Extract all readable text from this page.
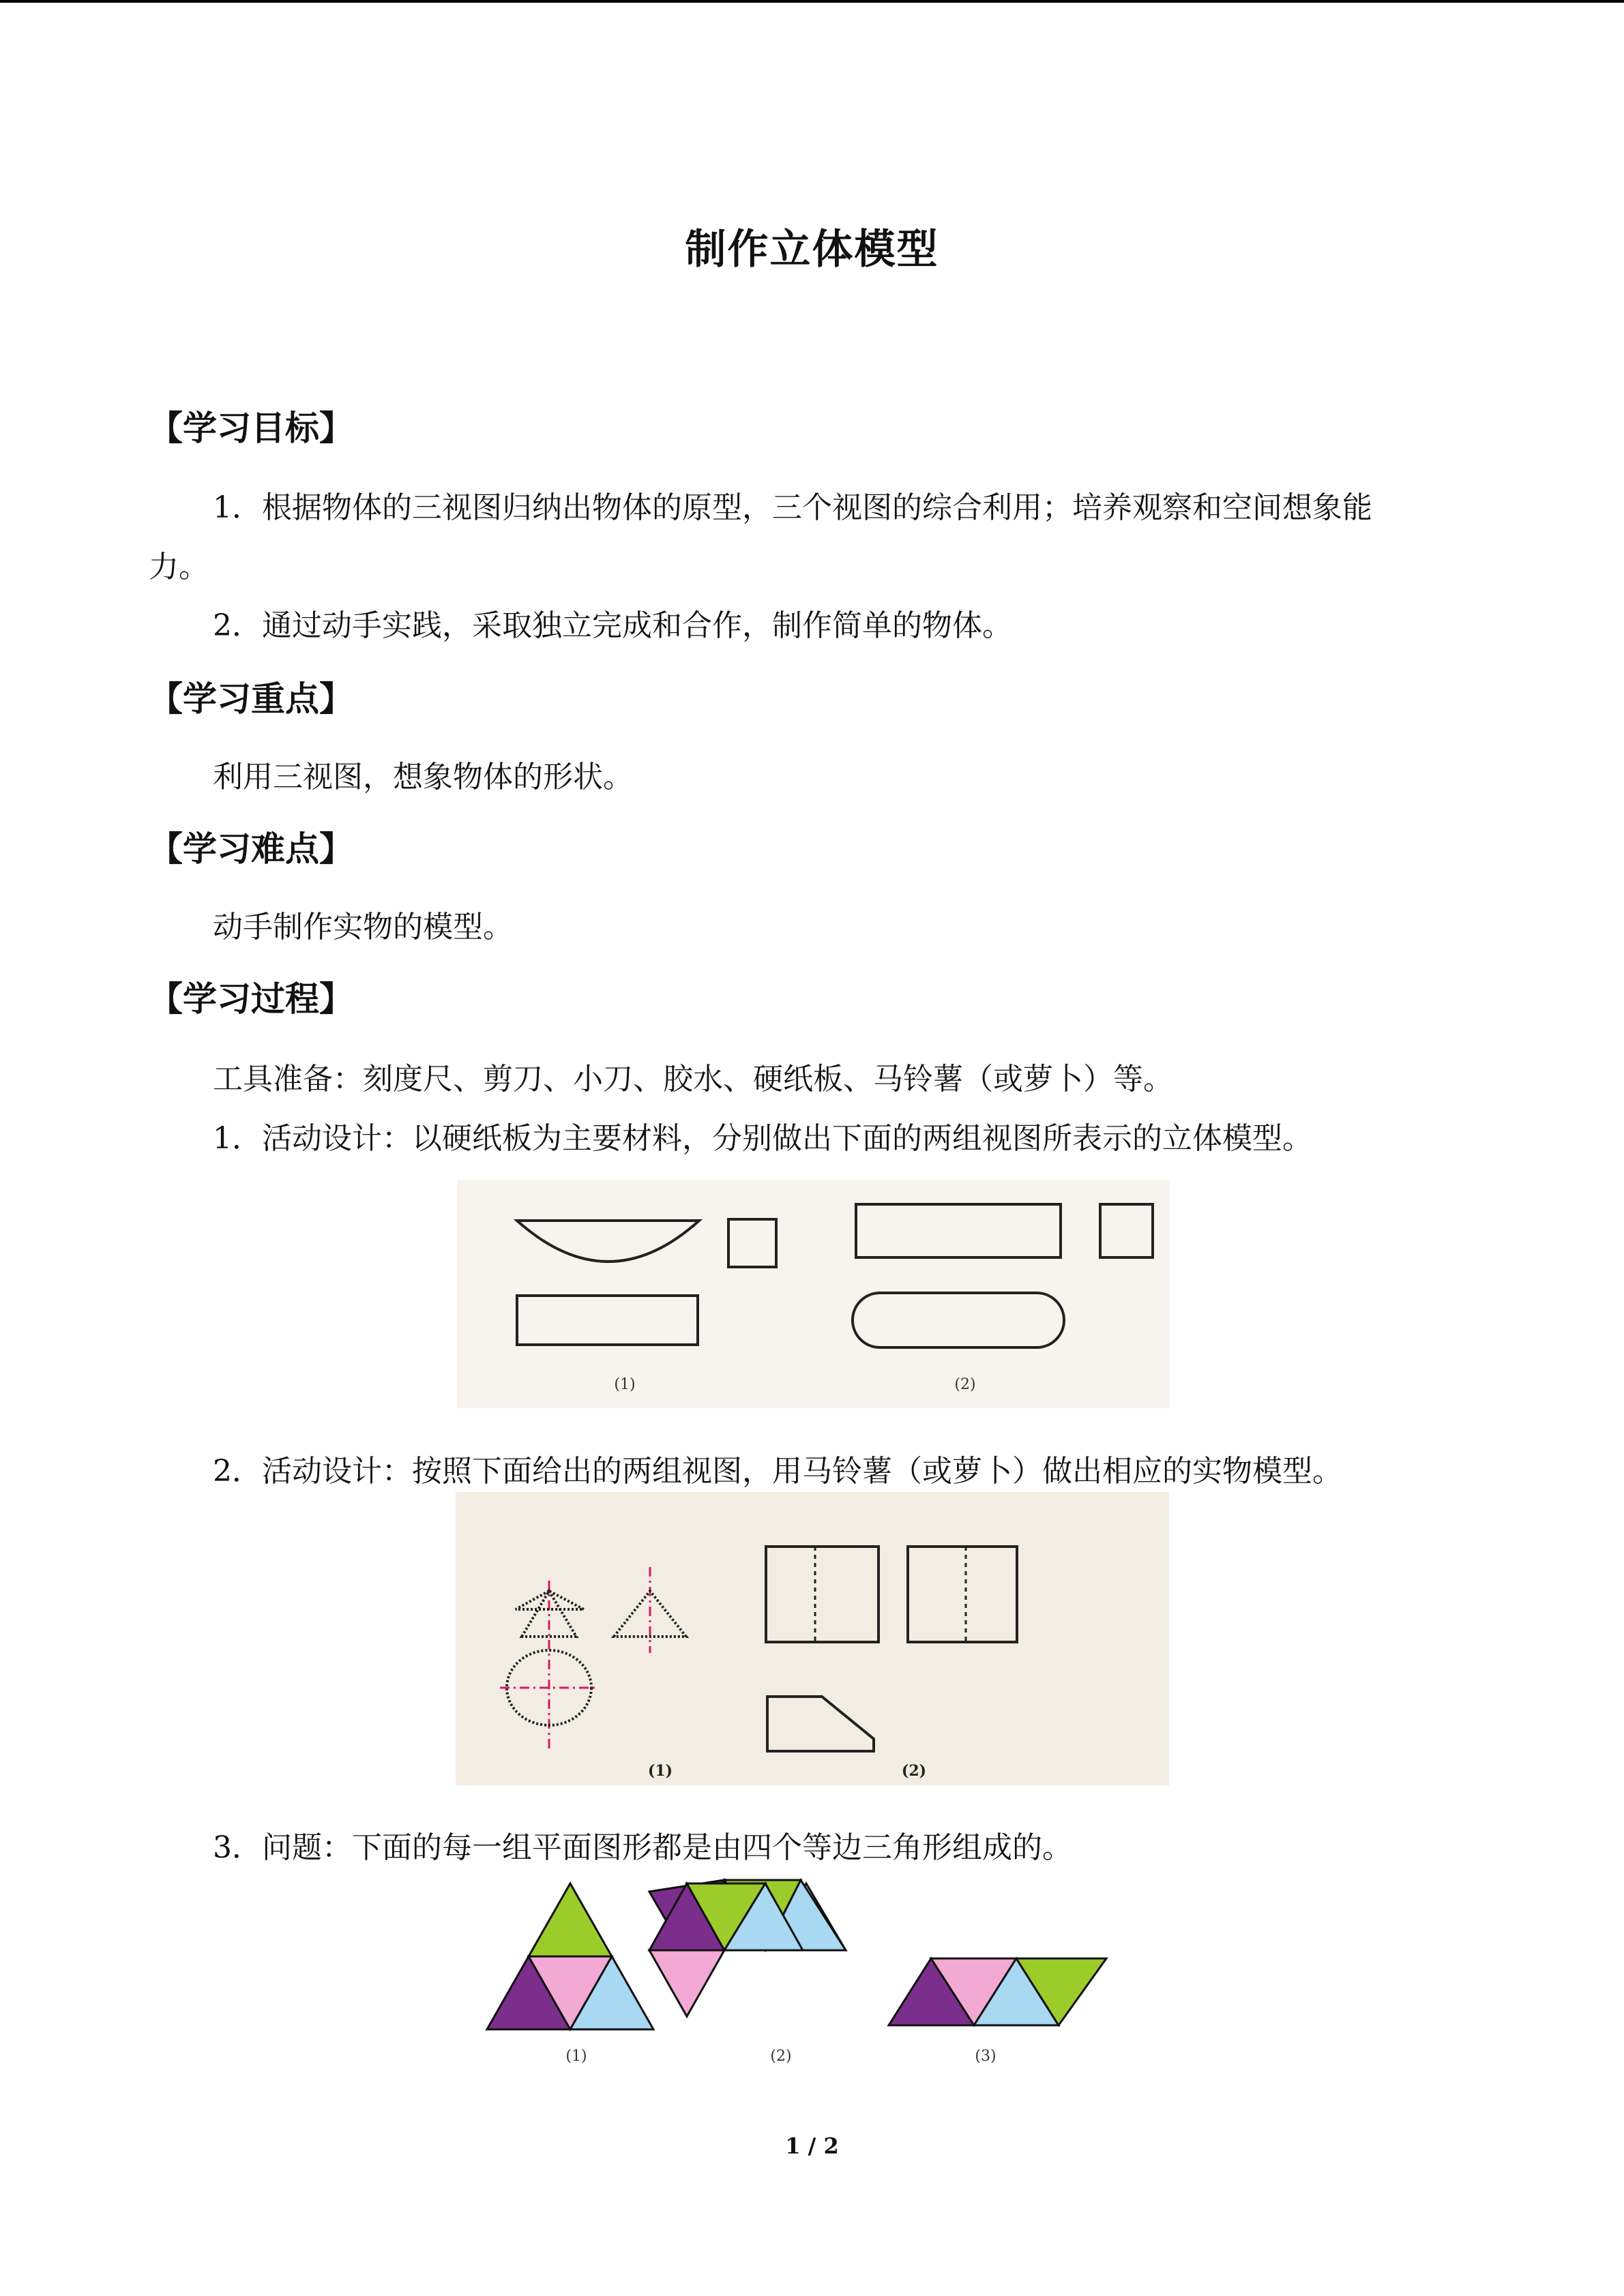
制作立体模型
【学习目标】
1．根据物体的三视图归纳出物体的原型，三个视图的综合利用；培养观察和空间想象能
力。
2．通过动手实践，采取独立完成和合作，制作简单的物体。
【学习重点】
利用三视图，想象物体的形状。
【学习难点】
动手制作实物的模型。
【学习过程】
工具准备：刻度尺、剪刀、小刀、胶水、硬纸板、马铃薯（或萝卜）等。
1．活动设计：以硬纸板为主要材料，分别做出下面的两组视图所表示的立体模型。
(1)	(2)
2．活动设计：按照下面给出的两组视图，用马铃薯（或萝卜）做出相应的实物模型。
(1)	(2)
3．问题：下面的每一组平面图形都是由四个等边三角形组成的。
(1)	(2)	(3)
1 / 2
